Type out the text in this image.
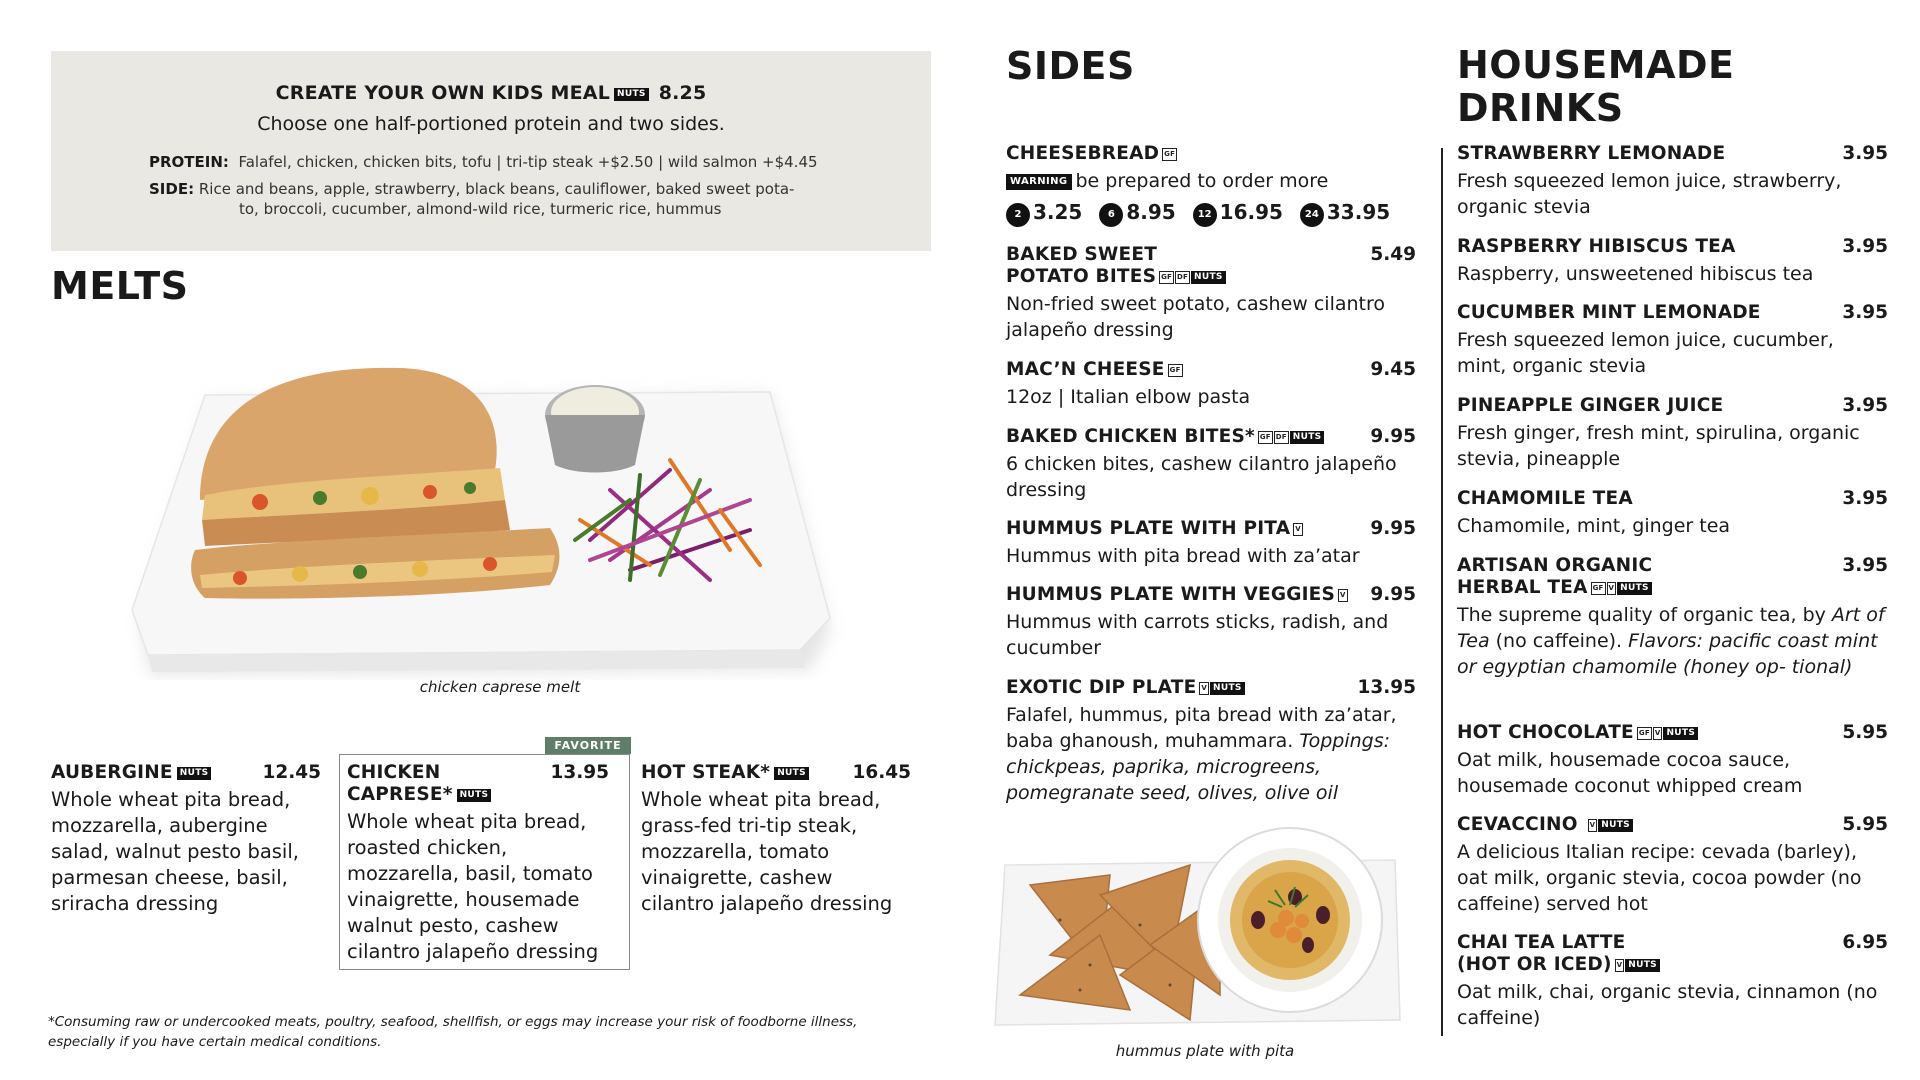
CREATE YOUR OWN KIDS MEAL NUTS 8.25
Choose one half-portioned protein and two sides.
PROTEIN: Falafel, chicken, chicken bits, tofu | tri-tip steak +$2.50 | wild salmon +$4.45
SIDE: Rice and beans, apple, strawberry, black beans, cauliflower, baked sweet pota-
to, broccoli, cucumber, almond-wild rice, turmeric rice, hummus
MELTS
chicken caprese melt
FAVORITE
AUBERGINE NUTS	12.45
Whole wheat pita bread, mozzarella, aubergine salad, walnut pesto basil, parmesan cheese, basil, sriracha dressing
CHICKEN
CAPRESE* NUTS
13.95
Whole wheat pita bread, roasted chicken, mozzarella, basil, tomato vinaigrette, housemade walnut pesto, cashew cilantro jalapeño dressing
HOT STEAK* NUTS	16.45
Whole wheat pita bread, grass-fed tri-tip steak, mozzarella, tomato vinaigrette, cashew cilantro jalapeño dressing
*Consuming raw or undercooked meats, poultry, seafood, shellfish, or eggs may increase your risk of foodborne illness,
especially if you have certain medical conditions.
SIDES
CHEESEBREAD GF
WARNING be prepared to order more
2 3.25	6 8.95 12 16.95 24 33.95
BAKED SWEET
POTATO BITES GF DF NUTS
5.49
Non-fried sweet potato, cashew cilantro jalapeño dressing
MAC’N CHEESE GF	9.45
12oz | Italian elbow pasta
BAKED CHICKEN BITES* GF DF NUTS	9.95
6 chicken bites, cashew cilantro jalapeño dressing
HUMMUS PLATE WITH PITA V	9.95
Hummus with pita bread with za’atar
HUMMUS PLATE WITH VEGGIES V	9.95
Hummus with carrots sticks, radish, and cucumber
EXOTIC DIP PLATE V NUTS	13.95
Falafel, hummus, pita bread with za’atar, baba ghanoush, muhammara. Toppings: chickpeas, paprika, microgreens, pomegranate seed, olives, olive oil
hummus plate with pita
HOUSEMADE
DRINKS
STRAWBERRY LEMONADE	3.95
Fresh squeezed lemon juice, strawberry, organic stevia
RASPBERRY HIBISCUS TEA	3.95
Raspberry, unsweetened hibiscus tea
CUCUMBER MINT LEMONADE	3.95
Fresh squeezed lemon juice, cucumber, mint, organic stevia
PINEAPPLE GINGER JUICE	3.95
Fresh ginger, fresh mint, spirulina, organic stevia, pineapple
CHAMOMILE TEA	3.95
Chamomile, mint, ginger tea
ARTISAN ORGANIC
HERBAL TEA GF V NUTS
3.95
The supreme quality of organic tea, by Art of Tea (no caffeine). Flavors: pacific coast mint or egyptian chamomile (honey op- tional)
HOT CHOCOLATE GF V NUTS	5.95
Oat milk, housemade cocoa sauce, housemade coconut whipped cream
CEVACCINO V NUTS	5.95
A delicious Italian recipe: cevada (barley), oat milk, organic stevia, cocoa powder (no caffeine) served hot
CHAI TEA LATTE
(HOT OR ICED) V NUTS
6.95
Oat milk, chai, organic stevia, cinnamon (no caffeine)
